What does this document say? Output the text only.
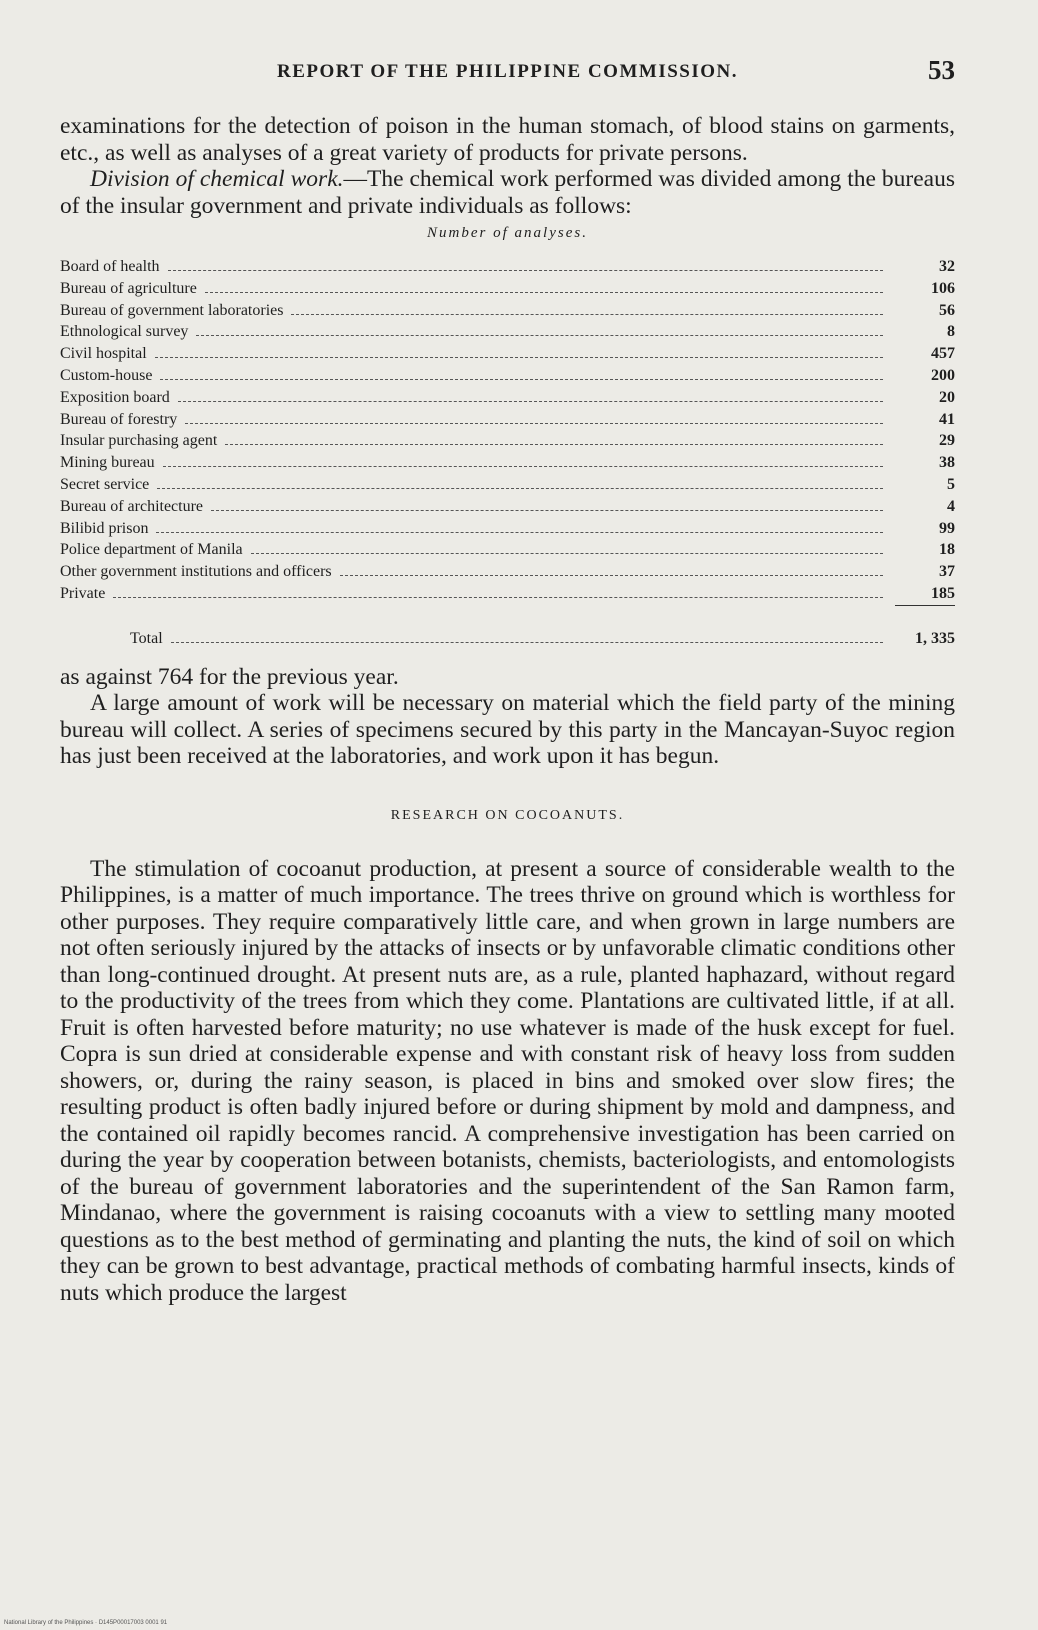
REPORT OF THE PHILIPPINE COMMISSION.	53

examinations for the detection of poison in the human stomach, of blood stains on garments, etc., as well as analyses of a great variety of products for private persons.

Division of chemical work.—The chemical work performed was divided among the bureaus of the insular government and private individuals as follows:

Number of analyses.
Board of health	32

Bureau of agriculture	106

Bureau of government laboratories	56

Ethnological survey	8

Civil hospital	457

Custom-house	200

Exposition board	20

Bureau of forestry	41

Insular purchasing agent	29

Mining bureau	38

Secret service	5

Bureau of architecture	4

Bilibid prison	99

Police department of Manila	18

Other government institutions and officers	37

Private	185

Total	1, 335

as against 764 for the previous year.

A large amount of work will be necessary on material which the field party of the mining bureau will collect. A series of specimens secured by this party in the Mancayan-Suyoc region has just been received at the laboratories, and work upon it has begun.

RESEARCH ON COCOANUTS.

The stimulation of cocoanut production, at present a source of considerable wealth to the Philippines, is a matter of much importance. The trees thrive on ground which is worthless for other purposes. They require comparatively little care, and when grown in large numbers are not often seriously injured by the attacks of insects or by unfavorable climatic conditions other than long-continued drought. At present nuts are, as a rule, planted haphazard, without regard to the productivity of the trees from which they come. Plantations are cultivated little, if at all. Fruit is often harvested before maturity; no use whatever is made of the husk except for fuel. Copra is sun dried at considerable expense and with constant risk of heavy loss from sudden showers, or, during the rainy season, is placed in bins and smoked over slow fires; the resulting product is often badly injured before or during shipment by mold and dampness, and the contained oil rapidly becomes rancid. A comprehensive investigation has been carried on during the year by cooperation between botanists, chemists, bacteriologists, and entomologists of the bureau of government laboratories and the superintendent of the San Ramon farm, Mindanao, where the government is raising cocoanuts with a view to settling many mooted questions as to the best method of germinating and planting the nuts, the kind of soil on which they can be grown to best advantage, practical methods of combating harmful insects, kinds of nuts which produce the largest

National Library of the Philippines · D145P00017003 0001 91
